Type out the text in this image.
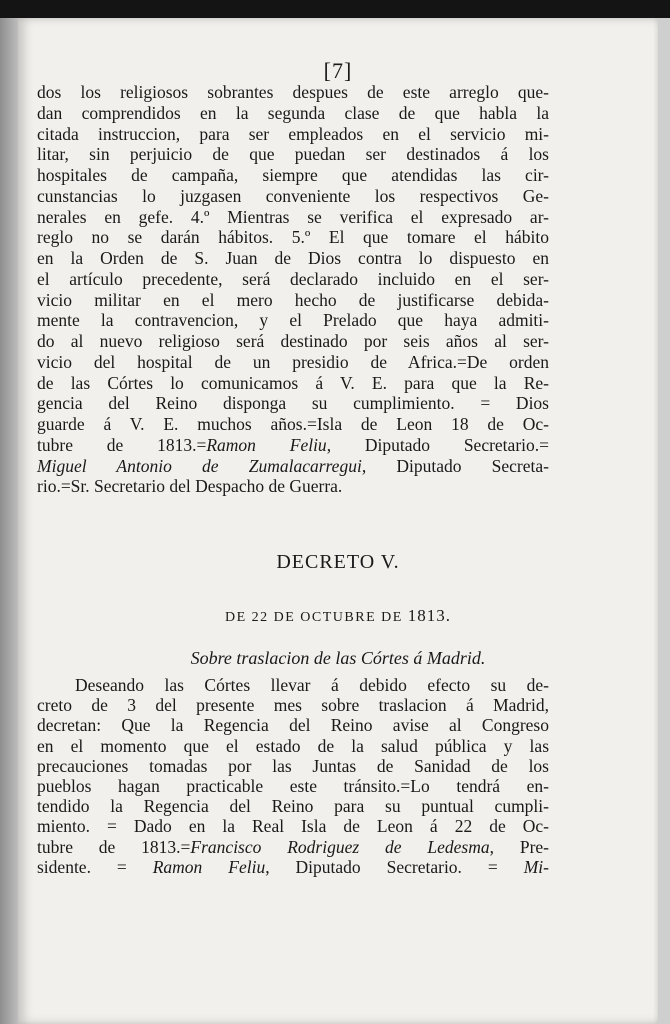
[7]
dos los religiosos sobrantes despues de este arreglo que-
dan comprendidos en la segunda clase de que habla la
citada instruccion, para ser empleados en el servicio mi-
litar, sin perjuicio de que puedan ser destinados á los
hospitales de campaña, siempre que atendidas las cir-
cunstancias lo juzgasen conveniente los respectivos Ge-
nerales en gefe. 4.º Mientras se verifica el expresado ar-
reglo no se darán hábitos. 5.º El que tomare el hábito
en la Orden de S. Juan de Dios contra lo dispuesto en
el artículo precedente, será declarado incluido en el ser-
vicio militar en el mero hecho de justificarse debida-
mente la contravencion, y el Prelado que haya admiti-
do al nuevo religioso será destinado por seis años al ser-
vicio del hospital de un presidio de Africa.=De orden
de las Córtes lo comunicamos á V. E. para que la Re-
gencia del Reino disponga su cumplimiento. = Dios
guarde á V. E. muchos años.=Isla de Leon 18 de Oc-
tubre de 1813.=Ramon Feliu, Diputado Secretario.=
Miguel Antonio de Zumalacarregui, Diputado Secreta-
rio.=Sr. Secretario del Despacho de Guerra.
DECRETO V.
DE 22 DE OCTUBRE DE 1813.
Sobre traslacion de las Córtes á Madrid.
Deseando las Córtes llevar á debido efecto su de-
creto de 3 del presente mes sobre traslacion á Madrid,
decretan: Que la Regencia del Reino avise al Congreso
en el momento que el estado de la salud pública y las
precauciones tomadas por las Juntas de Sanidad de los
pueblos hagan practicable este tránsito.=Lo tendrá en-
tendido la Regencia del Reino para su puntual cumpli-
miento. = Dado en la Real Isla de Leon á 22 de Oc-
tubre de 1813.=Francisco Rodriguez de Ledesma, Pre-
sidente. = Ramon Feliu, Diputado Secretario. = Mi-
